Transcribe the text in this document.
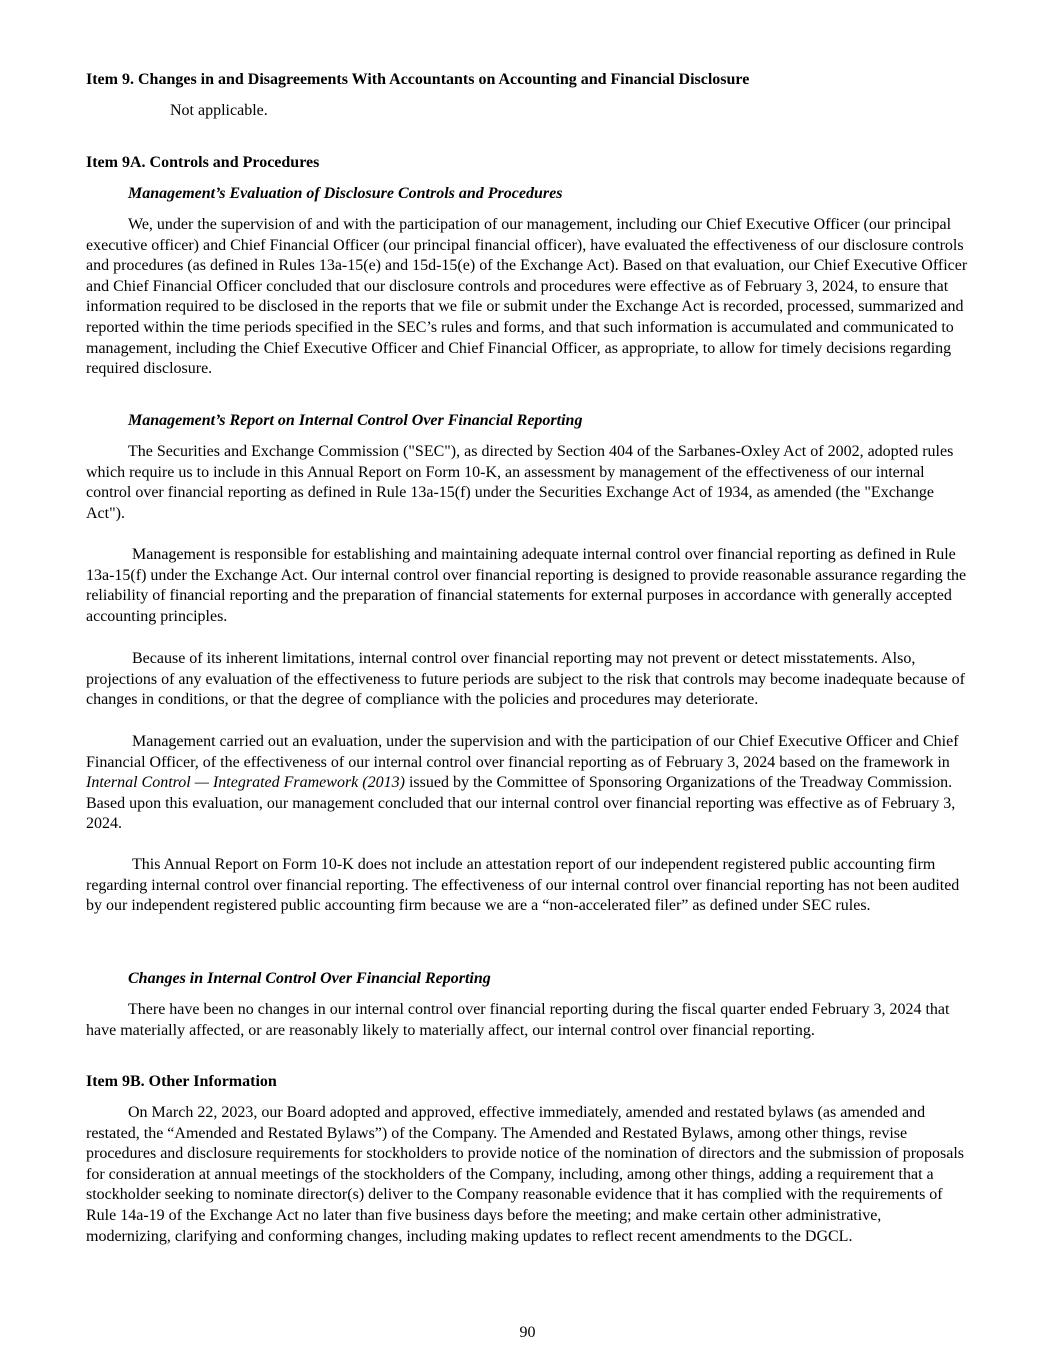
Item 9. Changes in and Disagreements With Accountants on Accounting and Financial Disclosure

Not applicable.

Item 9A. Controls and Procedures
Management’s Evaluation of Disclosure Controls and Procedures

We, under the supervision of and with the participation of our management, including our Chief Executive Officer (our principal executive officer) and Chief Financial Officer (our principal financial officer), have evaluated the effectiveness of our disclosure controls and procedures (as defined in Rules 13a-15(e) and 15d-15(e) of the Exchange Act). Based on that evaluation, our Chief Executive Officer and Chief Financial Officer concluded that our disclosure controls and procedures were effective as of February 3, 2024, to ensure that information required to be disclosed in the reports that we file or submit under the Exchange Act is recorded, processed, summarized and reported within the time periods specified in the SEC’s rules and forms, and that such information is accumulated and communicated to management, including the Chief Executive Officer and Chief Financial Officer, as appropriate, to allow for timely decisions regarding required disclosure.

Management’s Report on Internal Control Over Financial Reporting

The Securities and Exchange Commission ("SEC"), as directed by Section 404 of the Sarbanes-Oxley Act of 2002, adopted rules which require us to include in this Annual Report on Form 10-K, an assessment by management of the effectiveness of our internal control over financial reporting as defined in Rule 13a-15(f) under the Securities Exchange Act of 1934, as amended (the "Exchange Act").

Management is responsible for establishing and maintaining adequate internal control over financial reporting as defined in Rule 13a-15(f) under the Exchange Act. Our internal control over financial reporting is designed to provide reasonable assurance regarding the reliability of financial reporting and the preparation of financial statements for external purposes in accordance with generally accepted accounting principles.

Because of its inherent limitations, internal control over financial reporting may not prevent or detect misstatements. Also, projections of any evaluation of the effectiveness to future periods are subject to the risk that controls may become inadequate because of changes in conditions, or that the degree of compliance with the policies and procedures may deteriorate.

Management carried out an evaluation, under the supervision and with the participation of our Chief Executive Officer and Chief Financial Officer, of the effectiveness of our internal control over financial reporting as of February 3, 2024 based on the framework in Internal Control — Integrated Framework (2013) issued by the Committee of Sponsoring Organizations of the Treadway Commission. Based upon this evaluation, our management concluded that our internal control over financial reporting was effective as of February 3, 2024.

This Annual Report on Form 10-K does not include an attestation report of our independent registered public accounting firm regarding internal control over financial reporting. The effectiveness of our internal control over financial reporting has not been audited by our independent registered public accounting firm because we are a “non-accelerated filer” as defined under SEC rules.

Changes in Internal Control Over Financial Reporting

There have been no changes in our internal control over financial reporting during the fiscal quarter ended February 3, 2024 that have materially affected, or are reasonably likely to materially affect, our internal control over financial reporting.

Item 9B. Other Information

On March 22, 2023, our Board adopted and approved, effective immediately, amended and restated bylaws (as amended and restated, the “Amended and Restated Bylaws”) of the Company. The Amended and Restated Bylaws, among other things, revise procedures and disclosure requirements for stockholders to provide notice of the nomination of directors and the submission of proposals for consideration at annual meetings of the stockholders of the Company, including, among other things, adding a requirement that a stockholder seeking to nominate director(s) deliver to the Company reasonable evidence that it has complied with the requirements of Rule 14a-19 of the Exchange Act no later than five business days before the meeting; and make certain other administrative, modernizing, clarifying and conforming changes, including making updates to reflect recent amendments to the DGCL.

90
